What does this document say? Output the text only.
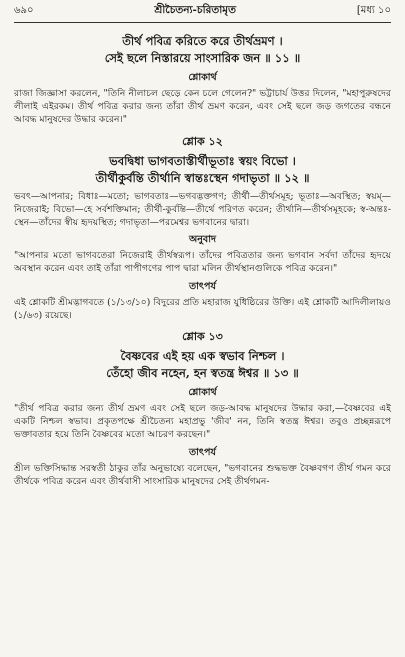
৬৯০	শ্রীচৈতন্য-চরিতামৃত	[মধ্য ১০
তীর্থ পবিত্র করিতে করে তীর্থভ্রমণ ।
সেই ছলে নিস্তারয়ে সাংসারিক জন ॥ ১১ ॥
শ্লোকার্থ
রাজা জিজ্ঞাসা করলেন, "তিনি নীলাচল ছেড়ে কেন চলে গেলেন?" ভট্টাচার্য উত্তর দিলেন, "মহাপুরুষদের লীলাই এইরকম। তীর্থ পবিত্র করার জন্য তাঁরা তীর্থ ভ্রমণ করেন, এবং সেই ছলে জড় জগতের বন্ধনে আবদ্ধ মানুষদের উদ্ধার করেন।"
শ্লোক ১২
ভবদ্বিধা ভাগবতাস্তীর্থীভূতাঃ স্বয়ং বিভো ।
তীর্থীকুর্বন্তি তীর্থানি স্বান্তঃস্থেন গদাভৃতা ॥ ১২ ॥
ভবৎ—আপনার; বিধাঃ—মতো; ভাগবতাঃ—ভগবদ্ভক্তগণ; তীর্থী—তীর্থসমূহ; ভূতাঃ—অবস্থিত; স্বয়ম্—নিজেরাই; বিভো—হে সর্বশক্তিমান; তীর্থী-কুর্বন্তি—তীর্থে পরিণত করেন; তীর্থানি—তীর্থসমূহকে; স্ব-অন্তঃ-স্থেন—তাঁদের স্বীয় হৃদয়স্থিত; গদাভৃতা—পরমেশ্বর ভগবানের দ্বারা।
অনুবাদ
"আপনার মতো ভাগবতেরা নিজেরাই তীর্থস্বরূপ। তাঁদের পবিত্রতার জন্য ভগবান সর্বদা তাঁদের হৃদয়ে অবস্থান করেন এবং তাই তাঁরা পাপীগণের পাপ দ্বারা মলিন তীর্থস্থানগুলিকে পবিত্র করেন।"
তাৎপর্য
এই শ্লোকটি শ্রীমদ্ভাগবতে (১/১৩/১০) বিদুরের প্রতি মহারাজ যুধিষ্ঠিরের উক্তি। এই শ্লোকটি আদিলীলায়ও (১/৬৩) রয়েছে।
শ্লোক ১৩
বৈষ্ণবের এই হয় এক স্বভাব নিশ্চল ।
তেঁহো জীব নহেন, হন স্বতন্ত্র ঈশ্বর ॥ ১৩ ॥
শ্লোকার্থ
"তীর্থ পবিত্র করার জন্য তীর্থ ভ্রমণ এবং সেই ছলে জড়-আবদ্ধ মানুষদের উদ্ধার করা,—বৈষ্ণবের এই একটি নিশ্চল স্বভাব। প্রকৃতপক্ষে শ্রীচৈতন্য মহাপ্রভু 'জীব' নন, তিনি স্বতন্ত্র ঈশ্বর। তবুও প্রচ্ছন্নরূপে ভক্তাবতার হয়ে তিনি বৈষ্ণবের মতো আচরণ করছেন।"
তাৎপর্য
শ্রীল ভক্তিসিদ্ধান্ত সরস্বতী ঠাকুর তাঁর অনুভাষ্যে বলেছেন, "ভগবানের শুদ্ধভক্ত বৈষ্ণবগণ তীর্থ গমন করে তীর্থকে পবিত্র করেন এবং তীর্থবাসী সাংসারিক মানুষদের সেই তীর্থগমন-
